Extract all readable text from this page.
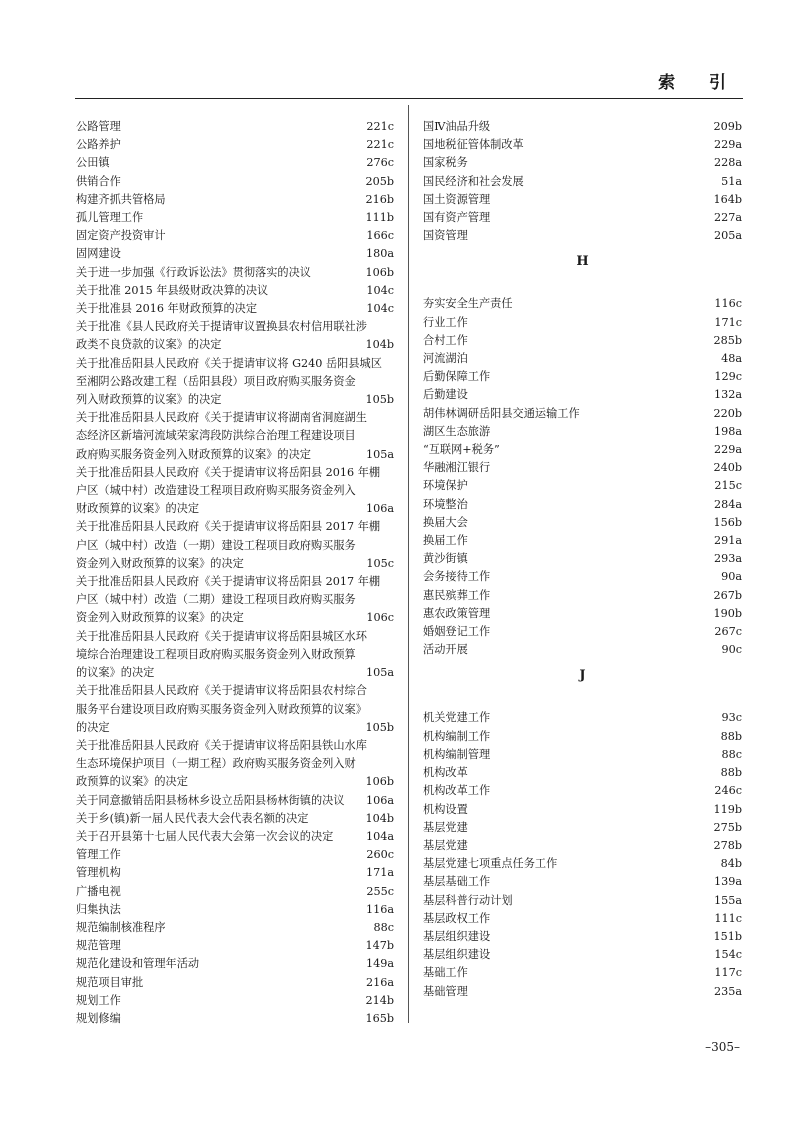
索 引
公路管理	221c
公路养护	221c
公田镇	276c
供销合作	205b
构建齐抓共管格局	216b
孤儿管理工作	111b
固定资产投资审计	166c
固网建设	180a
关于进一步加强《行政诉讼法》贯彻落实的决议	106b
关于批准 2015 年县级财政决算的决议	104c
关于批准县 2016 年财政预算的决定	104c
关于批准《县人民政府关于提请审议置换县农村信用联社涉
政类不良贷款的议案》的决定	104b
关于批准岳阳县人民政府《关于提请审议将 G240 岳阳县城区
至湘阴公路改建工程（岳阳县段）项目政府购买服务资金
列入财政预算的议案》的决定	105b
关于批准岳阳县人民政府《关于提请审议将湖南省洞庭湖生
态经济区新墙河流域荣家湾段防洪综合治理工程建设项目
政府购买服务资金列入财政预算的议案》的决定	105a
关于批准岳阳县人民政府《关于提请审议将岳阳县 2016 年棚
户区（城中村）改造建设工程项目政府购买服务资金列入
财政预算的议案》的决定	106a
关于批准岳阳县人民政府《关于提请审议将岳阳县 2017 年棚
户区（城中村）改造（一期）建设工程项目政府购买服务
资金列入财政预算的议案》的决定	105c
关于批准岳阳县人民政府《关于提请审议将岳阳县 2017 年棚
户区（城中村）改造（二期）建设工程项目政府购买服务
资金列入财政预算的议案》的决定	106c
关于批准岳阳县人民政府《关于提请审议将岳阳县城区水环
境综合治理建设工程项目政府购买服务资金列入财政预算
的议案》的决定	105a
关于批准岳阳县人民政府《关于提请审议将岳阳县农村综合
服务平台建设项目政府购买服务资金列入财政预算的议案》
的决定	105b
关于批准岳阳县人民政府《关于提请审议将岳阳县铁山水库
生态环境保护项目（一期工程）政府购买服务资金列入财
政预算的议案》的决定	106b
关于同意撤销岳阳县杨林乡设立岳阳县杨林街镇的决议	106a
关于乡(镇)新一届人民代表大会代表名额的决定	104b
关于召开县第十七届人民代表大会第一次会议的决定	104a
管理工作	260c
管理机构	171a
广播电视	255c
归集执法	116a
规范编制核准程序	88c
规范管理	147b
规范化建设和管理年活动	149a
规范项目审批	216a
规划工作	214b
规划修编	165b
国Ⅳ油品升级	209b
国地税征管体制改革	229a
国家税务	228a
国民经济和社会发展	51a
国土资源管理	164b
国有资产管理	227a
国资管理	205a
H
夯实安全生产责任	116c
行业工作	171c
合村工作	285b
河流湖泊	48a
后勤保障工作	129c
后勤建设	132a
胡伟林调研岳阳县交通运输工作	220b
湖区生态旅游	198a
“互联网+税务”	229a
华融湘江银行	240b
环境保护	215c
环境整治	284a
换届大会	156b
换届工作	291a
黄沙街镇	293a
会务接待工作	90a
惠民殡葬工作	267b
惠农政策管理	190b
婚姻登记工作	267c
活动开展	90c
J
机关党建工作	93c
机构编制工作	88b
机构编制管理	88c
机构改革	88b
机构改革工作	246c
机构设置	119b
基层党建	275b
基层党建	278b
基层党建七项重点任务工作	84b
基层基础工作	139a
基层科普行动计划	155a
基层政权工作	111c
基层组织建设	151b
基层组织建设	154c
基础工作	117c
基础管理	235a
–305–
